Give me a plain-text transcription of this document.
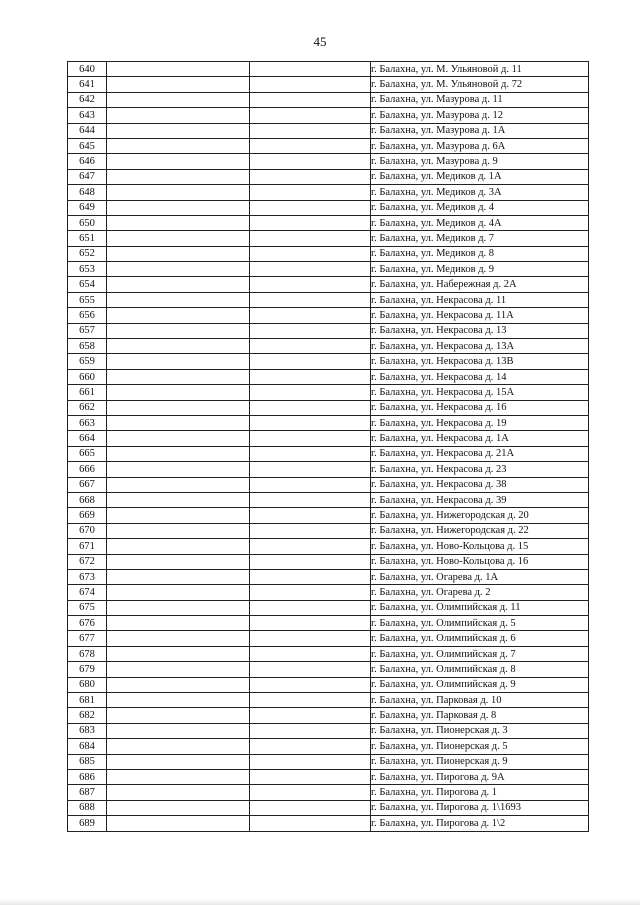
45
640			г. Балахна, ул. М. Ульяновой д. 11
641			г. Балахна, ул. М. Ульяновой д. 72
642			г. Балахна, ул. Мазурова д. 11
643			г. Балахна, ул. Мазурова д. 12
644			г. Балахна, ул. Мазурова д. 1А
645			г. Балахна, ул. Мазурова д. 6А
646			г. Балахна, ул. Мазурова д. 9
647			г. Балахна, ул. Медиков д. 1А
648			г. Балахна, ул. Медиков д. 3А
649			г. Балахна, ул. Медиков д. 4
650			г. Балахна, ул. Медиков д. 4А
651			г. Балахна, ул. Медиков д. 7
652			г. Балахна, ул. Медиков д. 8
653			г. Балахна, ул. Медиков д. 9
654			г. Балахна, ул. Набережная д. 2А
655			г. Балахна, ул. Некрасова д. 11
656			г. Балахна, ул. Некрасова д. 11А
657			г. Балахна, ул. Некрасова д. 13
658			г. Балахна, ул. Некрасова д. 13А
659			г. Балахна, ул. Некрасова д. 13В
660			г. Балахна, ул. Некрасова д. 14
661			г. Балахна, ул. Некрасова д. 15А
662			г. Балахна, ул. Некрасова д. 16
663			г. Балахна, ул. Некрасова д. 19
664			г. Балахна, ул. Некрасова д. 1А
665			г. Балахна, ул. Некрасова д. 21А
666			г. Балахна, ул. Некрасова д. 23
667			г. Балахна, ул. Некрасова д. 38
668			г. Балахна, ул. Некрасова д. 39
669			г. Балахна, ул. Нижегородская д. 20
670			г. Балахна, ул. Нижегородская д. 22
671			г. Балахна, ул. Ново-Кольцова д. 15
672			г. Балахна, ул. Ново-Кольцова д. 16
673			г. Балахна, ул. Огарева д. 1А
674			г. Балахна, ул. Огарева д. 2
675			г. Балахна, ул. Олимпийская д. 11
676			г. Балахна, ул. Олимпийская д. 5
677			г. Балахна, ул. Олимпийская д. 6
678			г. Балахна, ул. Олимпийская д. 7
679			г. Балахна, ул. Олимпийская д. 8
680			г. Балахна, ул. Олимпийская д. 9
681			г. Балахна, ул. Парковая д. 10
682			г. Балахна, ул. Парковая д. 8
683			г. Балахна, ул. Пионерская д. 3
684			г. Балахна, ул. Пионерская д. 5
685			г. Балахна, ул. Пионерская д. 9
686			г. Балахна, ул. Пирогова д. 9А
687			г. Балахна, ул. Пирогова д. 1
688			г. Балахна, ул. Пирогова д. 1\1693
689			г. Балахна, ул. Пирогова д. 1\2
